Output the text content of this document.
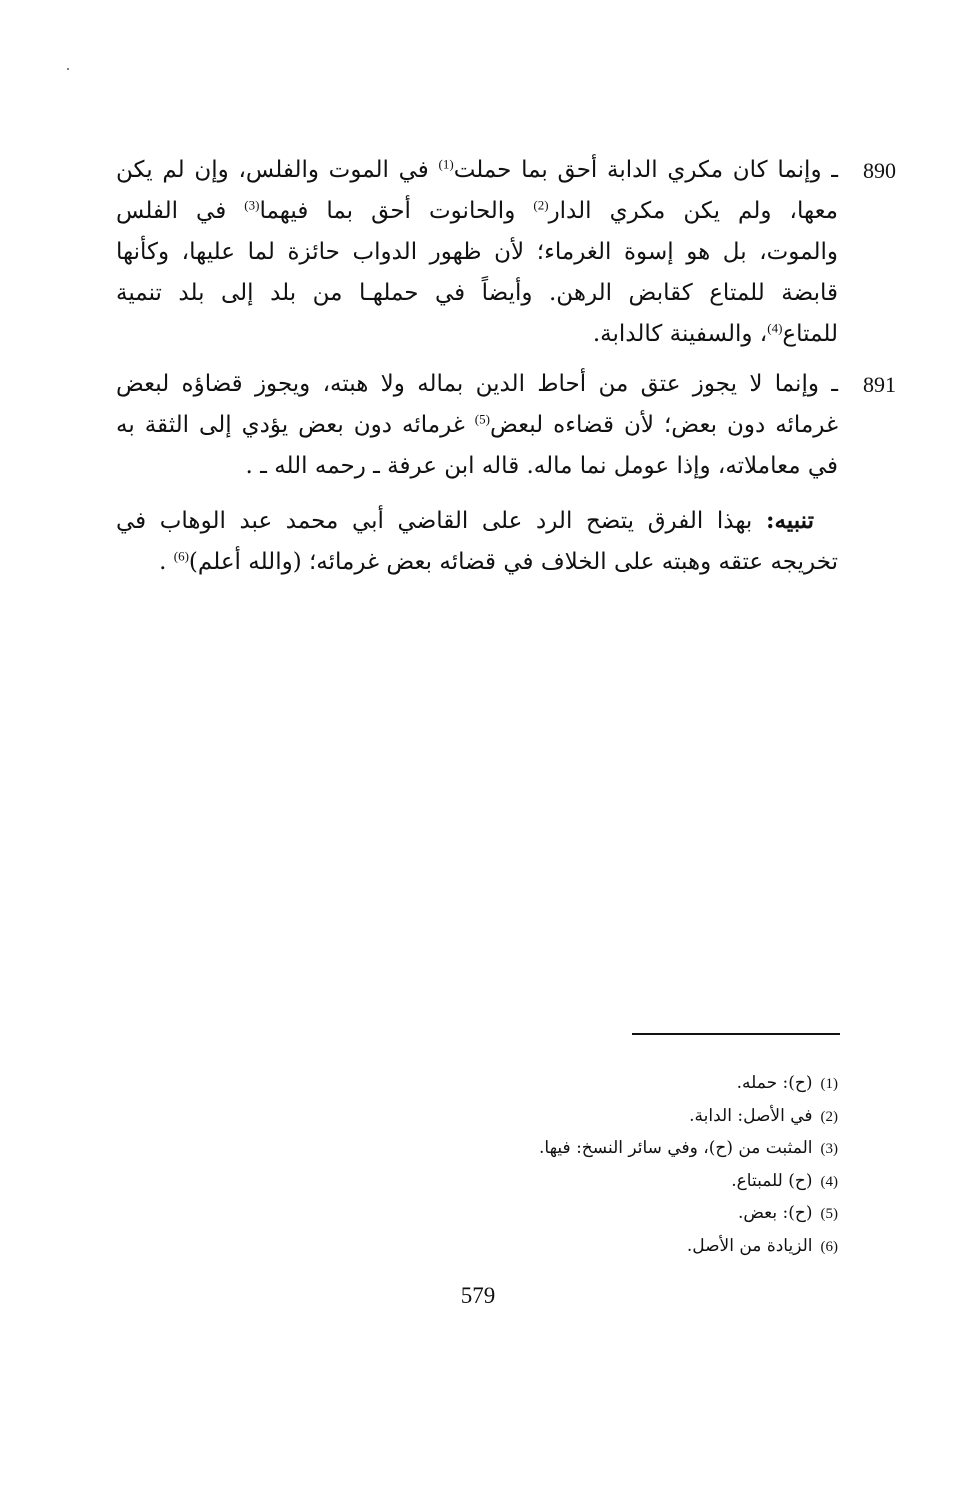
890
ـ وإنما كان مكري الدابة أحق بما حملت$^{(1)}$ في الموت والفلس، وإن لم يكن
معها، ولم يكن مكري الدار$^{(2)}$ والحانوت أحق بما فيهما$^{(3)}$ في الفلس
والموت، بل هو إسوة الغرماء؛ لأن ظهور الدواب حائزة لما عليها، وكأنها
قابضة للمتاع كقابض الرهن. وأيضاً في حملهـا من بلد إلى بلد تنمية
للمتاع$^{(4)}$، والسفينة كالدابة.
891
ـ وإنما لا يجوز عتق من أحاط الدين بماله ولا هبته، ويجوز قضاؤه لبعض
غرمائه دون بعض؛ لأن قضاءه لبعض$^{(5)}$ غرمائه دون بعض يؤدي إلى الثقة به
في معاملاته، وإذا عومل نما ماله. قاله ابن عرفة ـ رحمه الله ـ .
تنبيه: بهذا الفرق يتضح الرد على القاضي أبي محمد عبد الوهاب في
تخريجه عتقه وهبته على الخلاف في قضائه بعض غرمائه؛ (والله أعلم)$^{(6)}$ .
(1)(ح): حمله.
(2)في الأصل: الدابة.
(3)المثبت من (ح)، وفي سائر النسخ: فيها.
(4)(ح) للمبتاع.
(5)(ح): بعض.
(6)الزيادة من الأصل.
579
